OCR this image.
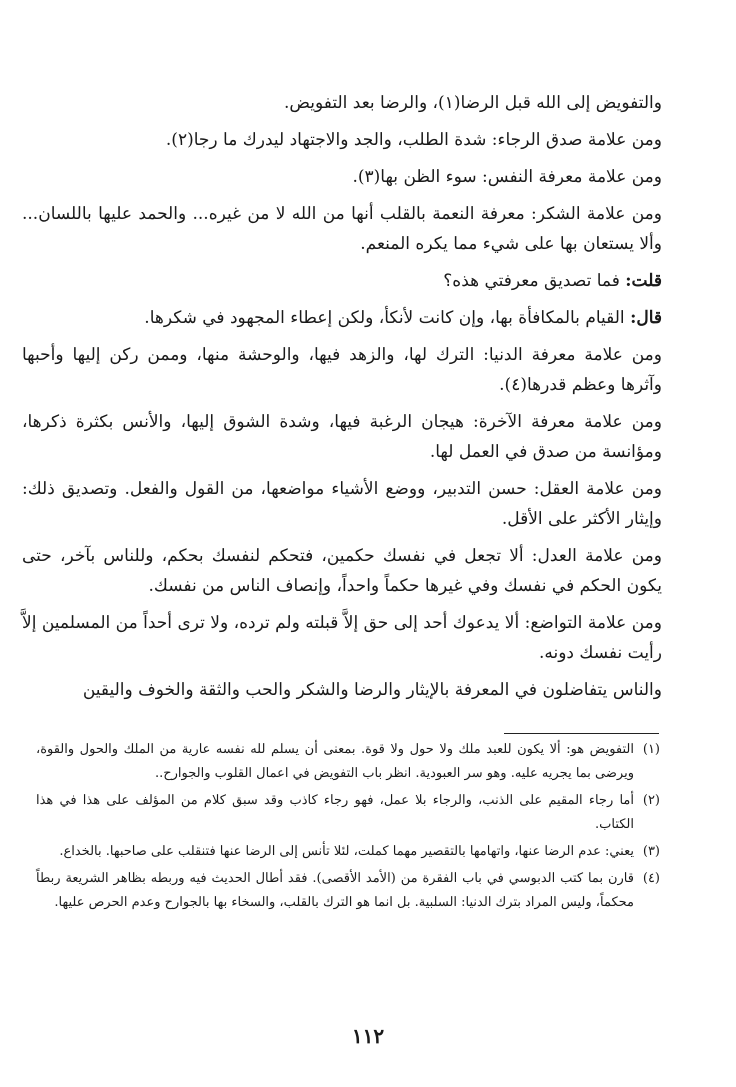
والتفويض إلى الله قبل الرضا(١)، والرضا بعد التفويض.

ومن علامة صدق الرجاء: شدة الطلب، والجد والاجتهاد ليدرك ما رجا(٢).

ومن علامة معرفة النفس: سوء الظن بها(٣).

ومن علامة الشكر: معرفة النعمة بالقلب أنها من الله لا من غيره... والحمد عليها باللسان... وألا يستعان بها على شيء مما يكره المنعم.

قلت: فما تصديق معرفتي هذه؟

قال: القيام بالمكافأة بها، وإن كانت لأنكأ، ولكن إعطاء المجهود في شكرها.

ومن علامة معرفة الدنيا: الترك لها، والزهد فيها، والوحشة منها، وممن ركن إليها وأحبها وآثرها وعظم قدرها(٤).

ومن علامة معرفة الآخرة: هيجان الرغبة فيها، وشدة الشوق إليها، والأنس بكثرة ذكرها، ومؤانسة من صدق في العمل لها.

ومن علامة العقل: حسن التدبير، ووضع الأشياء مواضعها، من القول والفعل. وتصديق ذلك: وإيثار الأكثر على الأقل.

ومن علامة العدل: ألا تجعل في نفسك حكمين، فتحكم لنفسك بحكم، وللناس بآخر، حتى يكون الحكم في نفسك وفي غيرها حكماً واحداً، وإنصاف الناس من نفسك.

ومن علامة التواضع: ألا يدعوك أحد إلى حق إلاَّ قبلته ولم ترده، ولا ترى أحداً من المسلمين إلاَّ رأيت نفسك دونه.

والناس يتفاضلون في المعرفة بالإيثار والرضا والشكر والحب والثقة والخوف واليقين

(١)
التفويض هو: ألا يكون للعبد ملك ولا حول ولا قوة. بمعنى أن يسلم لله نفسه عارية من الملك والحول والقوة، ويرضى بما يجريه عليه. وهو سر العبودية. انظر باب التفويض في اعمال القلوب والجوارح..

(٢)
أما رجاء المقيم على الذنب، والرجاء بلا عمل، فهو رجاء كاذب وقد سبق كلام من المؤلف على هذا في هذا الكتاب.

(٣)
يعني: عدم الرضا عنها، واتهامها بالتقصير مهما كملت، لئلا تأنس إلى الرضا عنها فتنقلب على صاحبها. بالخداع.

(٤)
قارن بما كتب الدبوسي في باب الفقرة من (الأمد الأقصى). فقد أطال الحديث فيه وربطه بظاهر الشريعة ربطاً محكماً، وليس المراد بترك الدنيا: السلبية. بل انما هو الترك بالقلب، والسخاء بها بالجوارح وعدم الحرص عليها.

١١٢
